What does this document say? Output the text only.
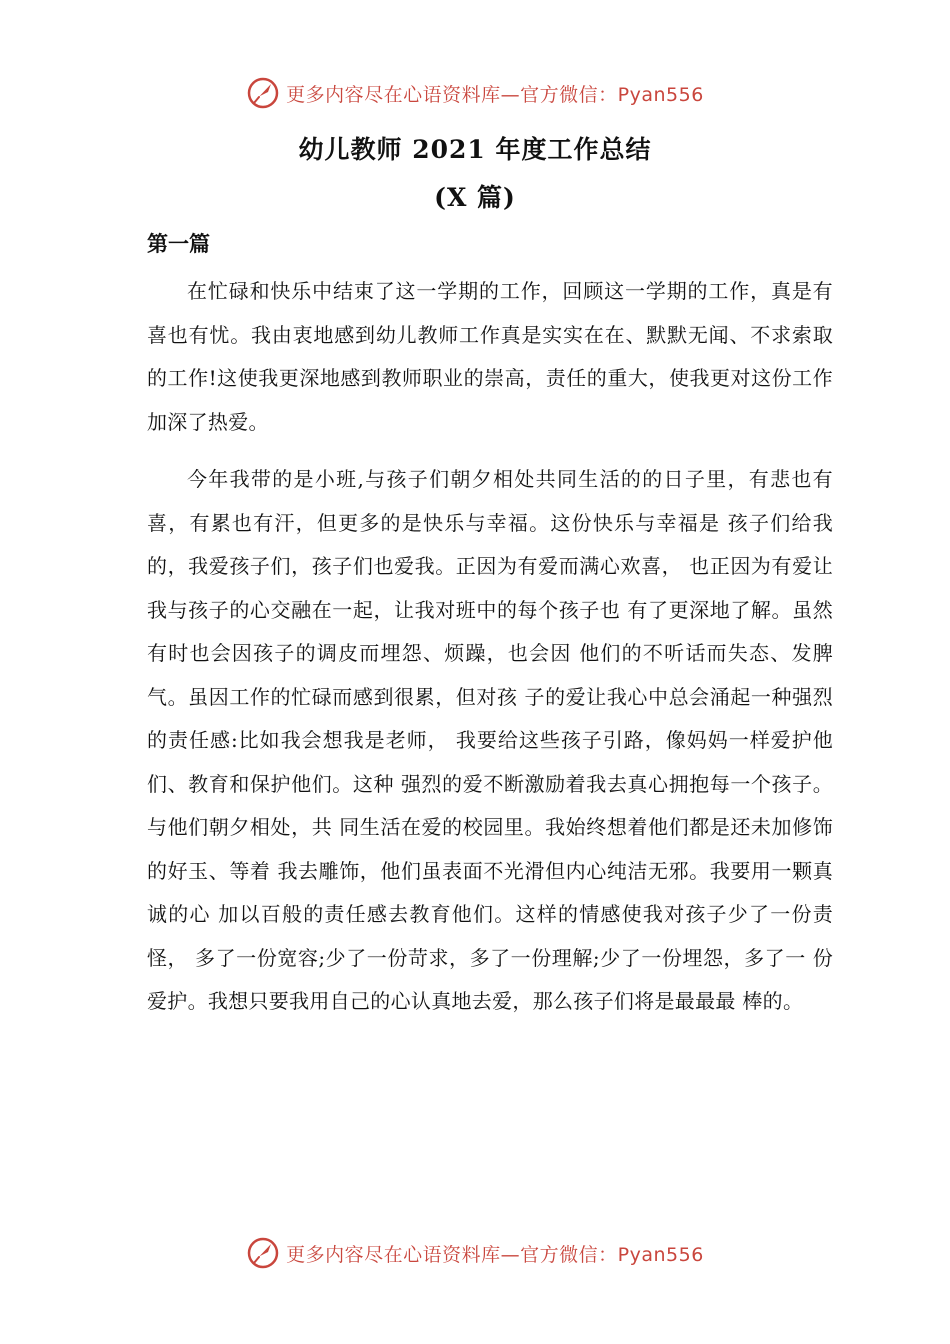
更多内容尽在心语资料库—官方微信：Pyan556
幼儿教师 2021 年度工作总结
(X 篇)
第一篇

在忙碌和快乐中结束了这一学期的工作，回顾这一学期的工作，真是有喜也有忧。我由衷地感到幼儿教师工作真是实实在在、默默无闻、不求索取的工作!这使我更深地感到教师职业的崇高，责任的重大，使我更对这份工作加深了热爱。

今年我带的是小班,与孩子们朝夕相处共同生活的的日子里，有悲也有喜，有累也有汗，但更多的是快乐与幸福。这份快乐与幸福是 孩子们给我的，我爱孩子们，孩子们也爱我。正因为有爱而满心欢喜， 也正因为有爱让我与孩子的心交融在一起，让我对班中的每个孩子也 有了更深地了解。虽然有时也会因孩子的调皮而埋怨、烦躁，也会因 他们的不听话而失态、发脾气。虽因工作的忙碌而感到很累，但对孩 子的爱让我心中总会涌起一种强烈的责任感:比如我会想我是老师， 我要给这些孩子引路，像妈妈一样爱护他们、教育和保护他们。这种 强烈的爱不断激励着我去真心拥抱每一个孩子。与他们朝夕相处，共 同生活在爱的校园里。我始终想着他们都是还未加修饰的好玉、等着 我去雕饰，他们虽表面不光滑但内心纯洁无邪。我要用一颗真诚的心 加以百般的责任感去教育他们。这样的情感使我对孩子少了一份责怪， 多了一份宽容;少了一份苛求，多了一份理解;少了一份埋怨，多了一 份爱护。我想只要我用自己的心认真地去爱，那么孩子们将是最最最 棒的。

更多内容尽在心语资料库—官方微信：Pyan556
